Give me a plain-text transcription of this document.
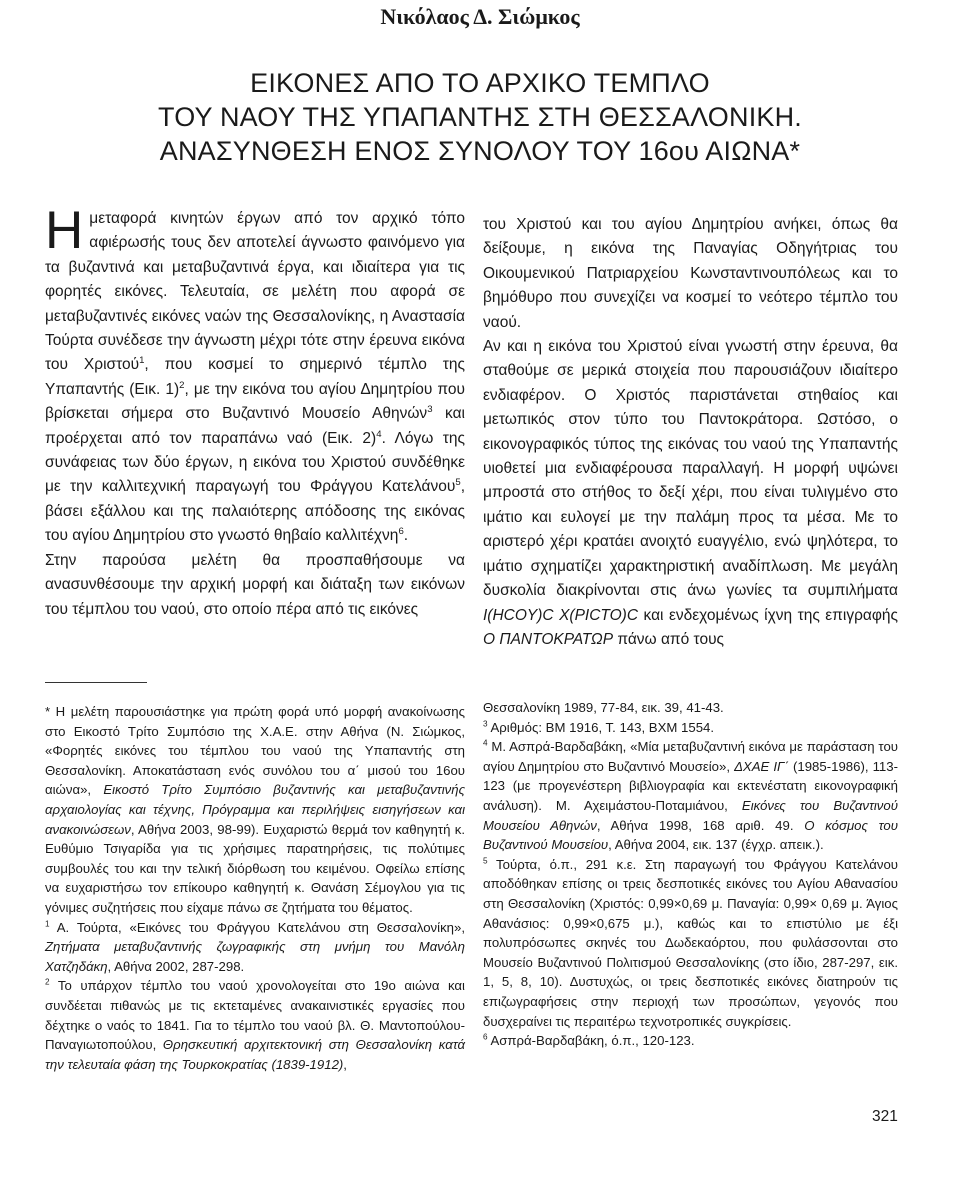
Νικόλαος Δ. Σιώμκος
ΕΙΚΟΝΕΣ ΑΠΟ ΤΟ ΑΡΧΙΚΟ ΤΕΜΠΛΟ
ΤΟΥ ΝΑΟΥ ΤΗΣ ΥΠΑΠΑΝΤΗΣ ΣΤΗ ΘΕΣΣΑΛΟΝΙΚΗ.
ΑΝΑΣΥΝΘΕΣΗ ΕΝΟΣ ΣΥΝΟΛΟΥ ΤΟΥ 16ου ΑΙΩΝΑ*

Ημεταφορά κινητών έργων από τον αρχικό τόπο αφιέρωσής τους δεν αποτελεί άγνωστο φαινόμενο για τα βυζαντινά και μεταβυζαντινά έργα, και ιδιαίτερα για τις φορητές εικόνες. Τελευταία, σε μελέτη που αφορά σε μεταβυζαντινές εικόνες ναών της Θεσσαλονίκης, η Αναστασία Τούρτα συνέδεσε την άγνωστη μέχρι τότε στην έρευνα εικόνα του Χριστού$^1$, που κοσμεί το σημερινό τέμπλο της Υπαπαντής (Εικ. 1)$^2$, με την εικόνα του αγίου Δημητρίου που βρίσκεται σήμερα στο Βυζαντινό Μουσείο Αθηνών$^3$ και προέρχεται από τον παραπάνω ναό (Εικ. 2)$^4$. Λόγω της συνάφειας των δύο έργων, η εικόνα του Χριστού συνδέθηκε με την καλλιτεχνική παραγωγή του Φράγγου Κατελάνου$^5$, βάσει εξάλλου και της παλαιότερης απόδοσης της εικόνας του αγίου Δημητρίου στο γνωστό θηβαίο καλλιτέχνη$^6$.

Στην παρούσα μελέτη θα προσπαθήσουμε να ανασυνθέσουμε την αρχική μορφή και διάταξη των εικόνων του τέμπλου του ναού, στο οποίο πέρα από τις εικόνες

του Χριστού και του αγίου Δημητρίου ανήκει, όπως θα δείξουμε, η εικόνα της Παναγίας Οδηγήτριας του Οικουμενικού Πατριαρχείου Κωνσταντινουπόλεως και το βημόθυρο που συνεχίζει να κοσμεί το νεότερο τέμπλο του ναού.

Αν και η εικόνα του Χριστού είναι γνωστή στην έρευνα, θα σταθούμε σε μερικά στοιχεία που παρουσιάζουν ιδιαίτερο ενδιαφέρον. Ο Χριστός παριστάνεται στηθαίος και μετωπικός στον τύπο του Παντοκράτορα. Ωστόσο, ο εικονογραφικός τύπος της εικόνας του ναού της Υπαπαντής υιοθετεί μια ενδιαφέρουσα παραλλαγή. Η μορφή υψώνει μπροστά στο στήθος το δεξί χέρι, που είναι τυλιγμένο στο ιμάτιο και ευλογεί με την παλάμη προς τα μέσα. Με το αριστερό χέρι κρατάει ανοιχτό ευαγγέλιο, ενώ ψηλότερα, το ιμάτιο σχηματίζει χαρακτηριστική αναδίπλωση. Με μεγάλη δυσκολία διακρίνονται στις άνω γωνίες τα συμπιλήματα I(HCOY)C X(PICTO)C και ενδεχομένως ίχνη της επιγραφής Ο ΠΑΝΤΟΚΡΑΤΩΡ πάνω από τους

* Η μελέτη παρουσιάστηκε για πρώτη φορά υπό μορφή ανακοίνωσης στο Εικοστό Τρίτο Συμπόσιο της Χ.Α.Ε. στην Αθήνα (Ν. Σιώμκος, «Φορητές εικόνες του τέμπλου του ναού της Υπαπαντής στη Θεσσαλονίκη. Αποκατάσταση ενός συνόλου του α΄ μισού του 16ου αιώνα», Εικοστό Τρίτο Συμπόσιο βυζαντινής και μεταβυζαντινής αρχαιολογίας και τέχνης, Πρόγραμμα και περιλήψεις εισηγήσεων και ανακοινώσεων, Αθήνα 2003, 98-99). Ευχαριστώ θερμά τον καθηγητή κ. Ευθύμιο Τσιγαρίδα για τις χρήσιμες παρατηρήσεις, τις πολύτιμες συμβουλές του και την τελική διόρθωση του κειμένου. Οφείλω επίσης να ευχαριστήσω τον επίκουρο καθηγητή κ. Θανάση Σέμογλου για τις γόνιμες συζητήσεις που είχαμε πάνω σε ζητήματα του θέματος.

$^1$ Α. Τούρτα, «Εικόνες του Φράγγου Κατελάνου στη Θεσσαλονίκη», Ζητήματα μεταβυζαντινής ζωγραφικής στη μνήμη του Μανόλη Χατζηδάκη, Αθήνα 2002, 287-298.

$^2$ Το υπάρχον τέμπλο του ναού χρονολογείται στο 19ο αιώνα και συνδέεται πιθανώς με τις εκτεταμένες ανακαινιστικές εργασίες που δέχτηκε ο ναός το 1841. Για το τέμπλο του ναού βλ. Θ. Μαντοπούλου-Παναγιωτοπούλου, Θρησκευτική αρχιτεκτονική στη Θεσσαλονίκη κατά την τελευταία φάση της Τουρκοκρατίας (1839-1912),

Θεσσαλονίκη 1989, 77-84, εικ. 39, 41-43.

$^3$ Αριθμός: ΒΜ 1916, Τ. 143, ΒΧΜ 1554.

$^4$ Μ. Ασπρά-Βαρδαβάκη, «Μία μεταβυζαντινή εικόνα με παράσταση του αγίου Δημητρίου στο Βυζαντινό Μουσείο», ΔΧΑΕ ΙΓ΄ (1985-1986), 113-123 (με προγενέστερη βιβλιογραφία και εκτενέστατη εικονογραφική ανάλυση). Μ. Αχειμάστου-Ποταμιάνου, Εικόνες του Βυζαντινού Μουσείου Αθηνών, Αθήνα 1998, 168 αριθ. 49. Ο κόσμος του Βυζαντινού Μουσείου, Αθήνα 2004, εικ. 137 (έγχρ. απεικ.).

$^5$ Τούρτα, ό.π., 291 κ.ε. Στη παραγωγή του Φράγγου Κατελάνου αποδόθηκαν επίσης οι τρεις δεσποτικές εικόνες του Αγίου Αθανασίου στη Θεσσαλονίκη (Χριστός: 0,99×0,69 μ. Παναγία: 0,99× 0,69 μ. Άγιος Αθανάσιος: 0,99×0,675 μ.), καθώς και το επιστύλιο με έξι πολυπρόσωπες σκηνές του Δωδεκαόρτου, που φυλάσσονται στο Μουσείο Βυζαντινού Πολιτισμού Θεσσαλονίκης (στο ίδιο, 287-297, εικ. 1, 5, 8, 10). Δυστυχώς, οι τρεις δεσποτικές εικόνες διατηρούν τις επιζωγραφήσεις στην περιοχή των προσώπων, γεγονός που δυσχεραίνει τις περαιτέρω τεχνοτροπικές συγκρίσεις.

$^6$ Ασπρά-Βαρδαβάκη, ό.π., 120-123.

321
